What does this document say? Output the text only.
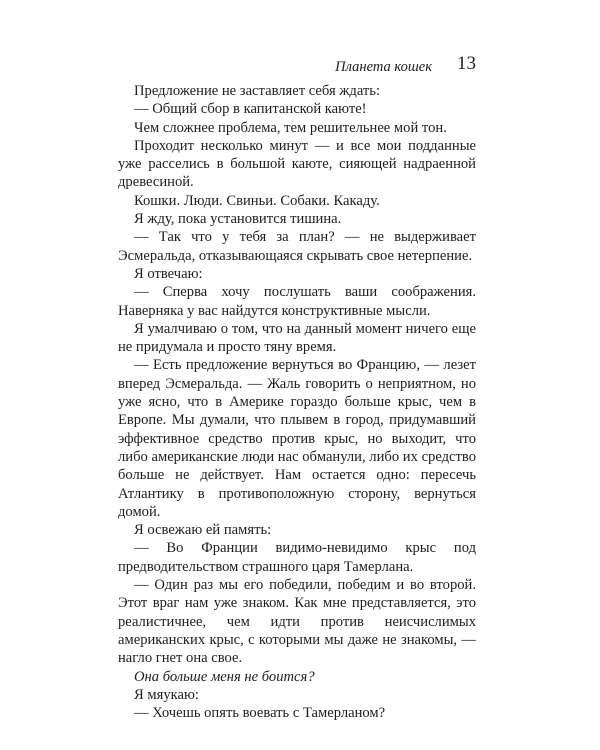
Планета кошек 13

Предложение не заставляет себя ждать:

— Общий сбор в капитанской каюте!

Чем сложнее проблема, тем решительнее мой тон.

Проходит несколько минут — и все мои подданные уже расселись в большой каюте, сияющей надраенной древесиной.

Кошки. Люди. Свиньи. Собаки. Какаду.

Я жду, пока установится тишина.

— Так что у тебя за план? — не выдерживает Эсмеральда, отказывающаяся скрывать свое нетерпение.

Я отвечаю:

— Сперва хочу послушать ваши соображения. Наверняка у вас найдутся конструктивные мысли.

Я умалчиваю о том, что на данный момент ничего еще не придумала и просто тяну время.

— Есть предложение вернуться во Францию, — лезет вперед Эсмеральда. — Жаль говорить о неприятном, но уже ясно, что в Америке гораздо больше крыс, чем в Европе. Мы думали, что плывем в город, придумавший эффективное средство против крыс, но выходит, что либо американские люди нас обманули, либо их средство больше не действует. Нам остается одно: пересечь Атлантику в противоположную сторону, вернуться домой.

Я освежаю ей память:

— Во Франции видимо-невидимо крыс под предводительством страшного царя Тамерлана.

— Один раз мы его победили, победим и во второй. Этот враг нам уже знаком. Как мне представляется, это реалистичнее, чем идти против неисчислимых американских крыс, с которыми мы даже не знакомы, — нагло гнет она свое.

Она больше меня не боится?

Я мяукаю:

— Хочешь опять воевать с Тамерланом?
